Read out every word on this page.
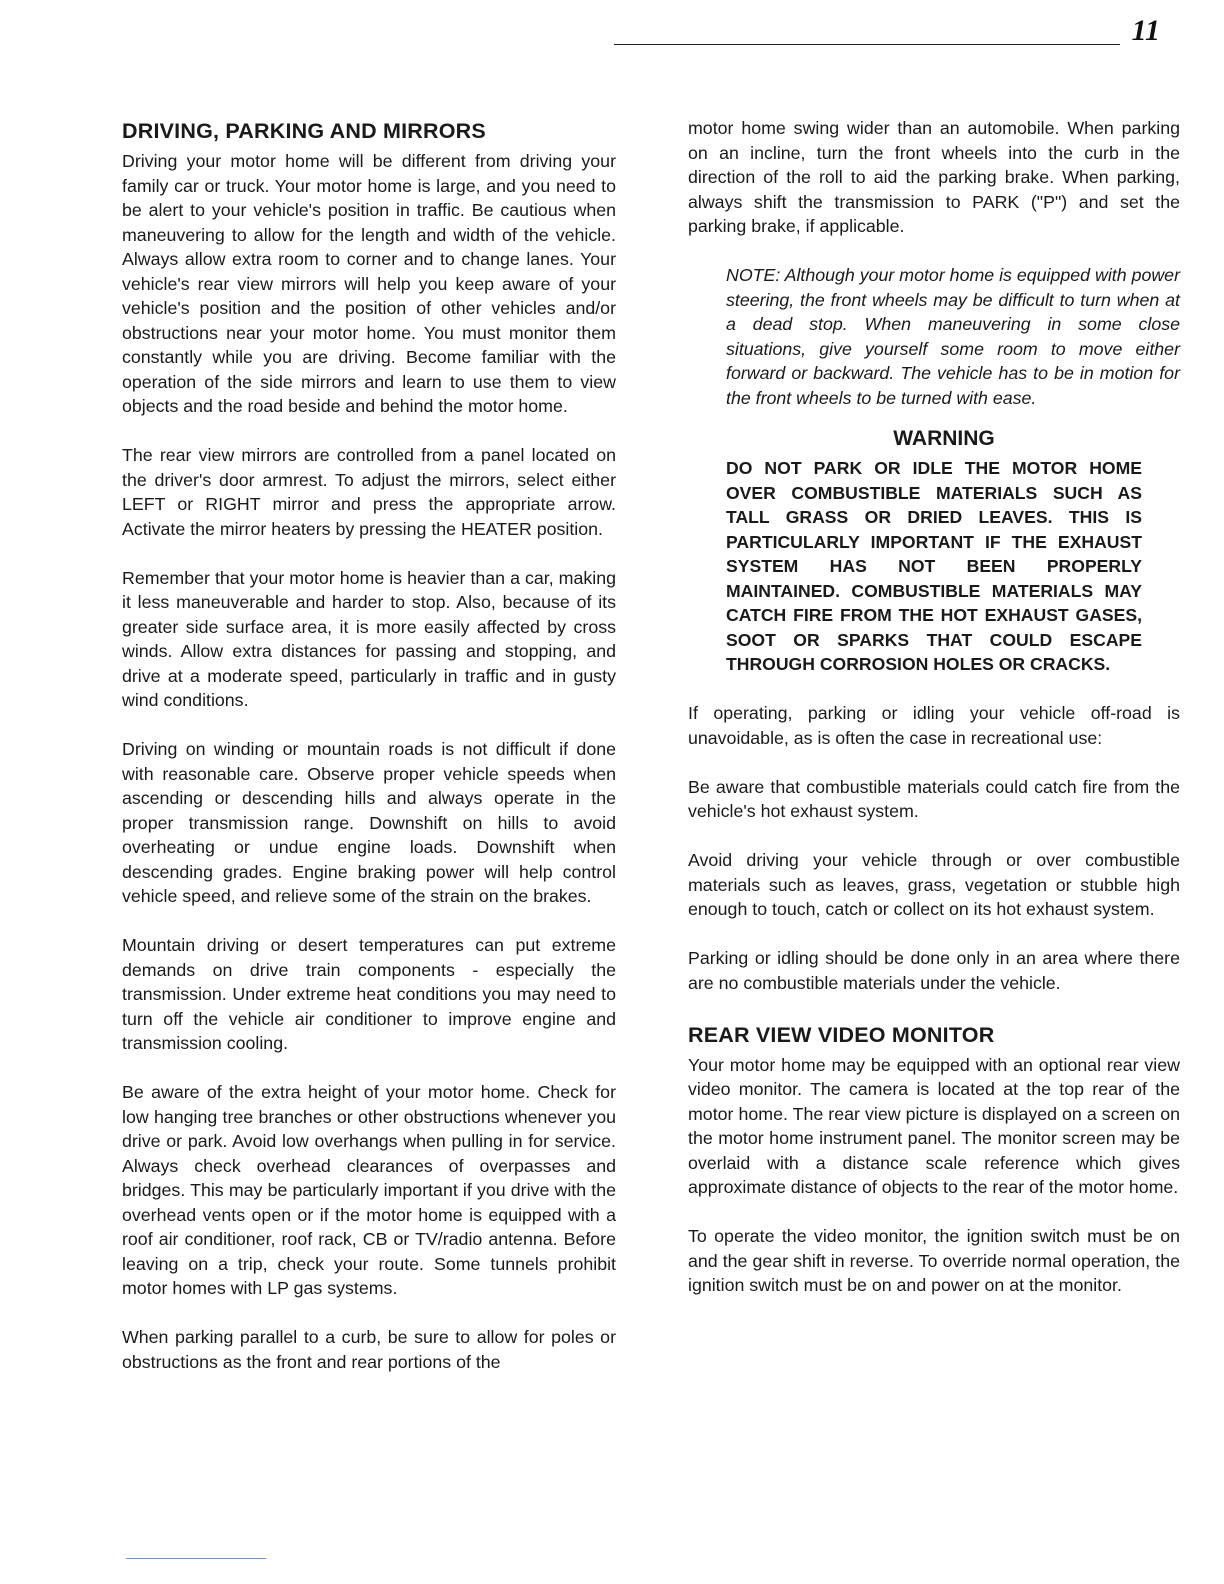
11
DRIVING, PARKING AND MIRRORS

Driving your motor home will be different from driving your family car or truck. Your motor home is large, and you need to be alert to your vehicle's position in traffic. Be cautious when maneuvering to allow for the length and width of the vehicle. Always allow extra room to corner and to change lanes. Your vehicle's rear view mirrors will help you keep aware of your vehicle's position and the position of other vehicles and/or obstructions near your motor home. You must monitor them constantly while you are driving. Become familiar with the operation of the side mirrors and learn to use them to view objects and the road beside and behind the motor home.

The rear view mirrors are controlled from a panel located on the driver's door armrest. To adjust the mirrors, select either LEFT or RIGHT mirror and press the appropriate arrow. Activate the mirror heaters by pressing the HEATER position.

Remember that your motor home is heavier than a car, making it less maneuverable and harder to stop. Also, because of its greater side surface area, it is more easily affected by cross winds. Allow extra distances for passing and stopping, and drive at a moderate speed, particularly in traffic and in gusty wind conditions.

Driving on winding or mountain roads is not difficult if done with reasonable care. Observe proper vehicle speeds when ascending or descending hills and always operate in the proper transmission range. Downshift on hills to avoid overheating or undue engine loads. Downshift when descending grades. Engine braking power will help control vehicle speed, and relieve some of the strain on the brakes.

Mountain driving or desert temperatures can put extreme demands on drive train components - especially the transmission. Under extreme heat conditions you may need to turn off the vehicle air conditioner to improve engine and transmission cooling.

Be aware of the extra height of your motor home. Check for low hanging tree branches or other obstructions whenever you drive or park. Avoid low overhangs when pulling in for service. Always check overhead clearances of overpasses and bridges. This may be particularly important if you drive with the overhead vents open or if the motor home is equipped with a roof air conditioner, roof rack, CB or TV/radio antenna. Before leaving on a trip, check your route. Some tunnels prohibit motor homes with LP gas systems.

When parking parallel to a curb, be sure to allow for poles or obstructions as the front and rear portions of the

motor home swing wider than an automobile. When parking on an incline, turn the front wheels into the curb in the direction of the roll to aid the parking brake. When parking, always shift the transmission to PARK ("P") and set the parking brake, if applicable.

NOTE: Although your motor home is equipped with power steering, the front wheels may be difficult to turn when at a dead stop. When maneuvering in some close situations, give yourself some room to move either forward or backward. The vehicle has to be in motion for the front wheels to be turned with ease.

WARNING
DO NOT PARK OR IDLE THE MOTOR HOME OVER COMBUSTIBLE MATERIALS SUCH AS TALL GRASS OR DRIED LEAVES. THIS IS PARTICULARLY IMPORTANT IF THE EXHAUST SYSTEM HAS NOT BEEN PROPERLY MAINTAINED. COMBUSTIBLE MATERIALS MAY CATCH FIRE FROM THE HOT EXHAUST GASES, SOOT OR SPARKS THAT COULD ESCAPE THROUGH CORROSION HOLES OR CRACKS.

If operating, parking or idling your vehicle off-road is unavoidable, as is often the case in recreational use:

Be aware that combustible materials could catch fire from the vehicle's hot exhaust system.

Avoid driving your vehicle through or over combustible materials such as leaves, grass, vegetation or stubble high enough to touch, catch or collect on its hot exhaust system.

Parking or idling should be done only in an area where there are no combustible materials under the vehicle.

REAR VIEW VIDEO MONITOR

Your motor home may be equipped with an optional rear view video monitor. The camera is located at the top rear of the motor home. The rear view picture is displayed on a screen on the motor home instrument panel. The monitor screen may be overlaid with a distance scale reference which gives approximate distance of objects to the rear of the motor home.

To operate the video monitor, the ignition switch must be on and the gear shift in reverse. To override normal operation, the ignition switch must be on and power on at the monitor.
